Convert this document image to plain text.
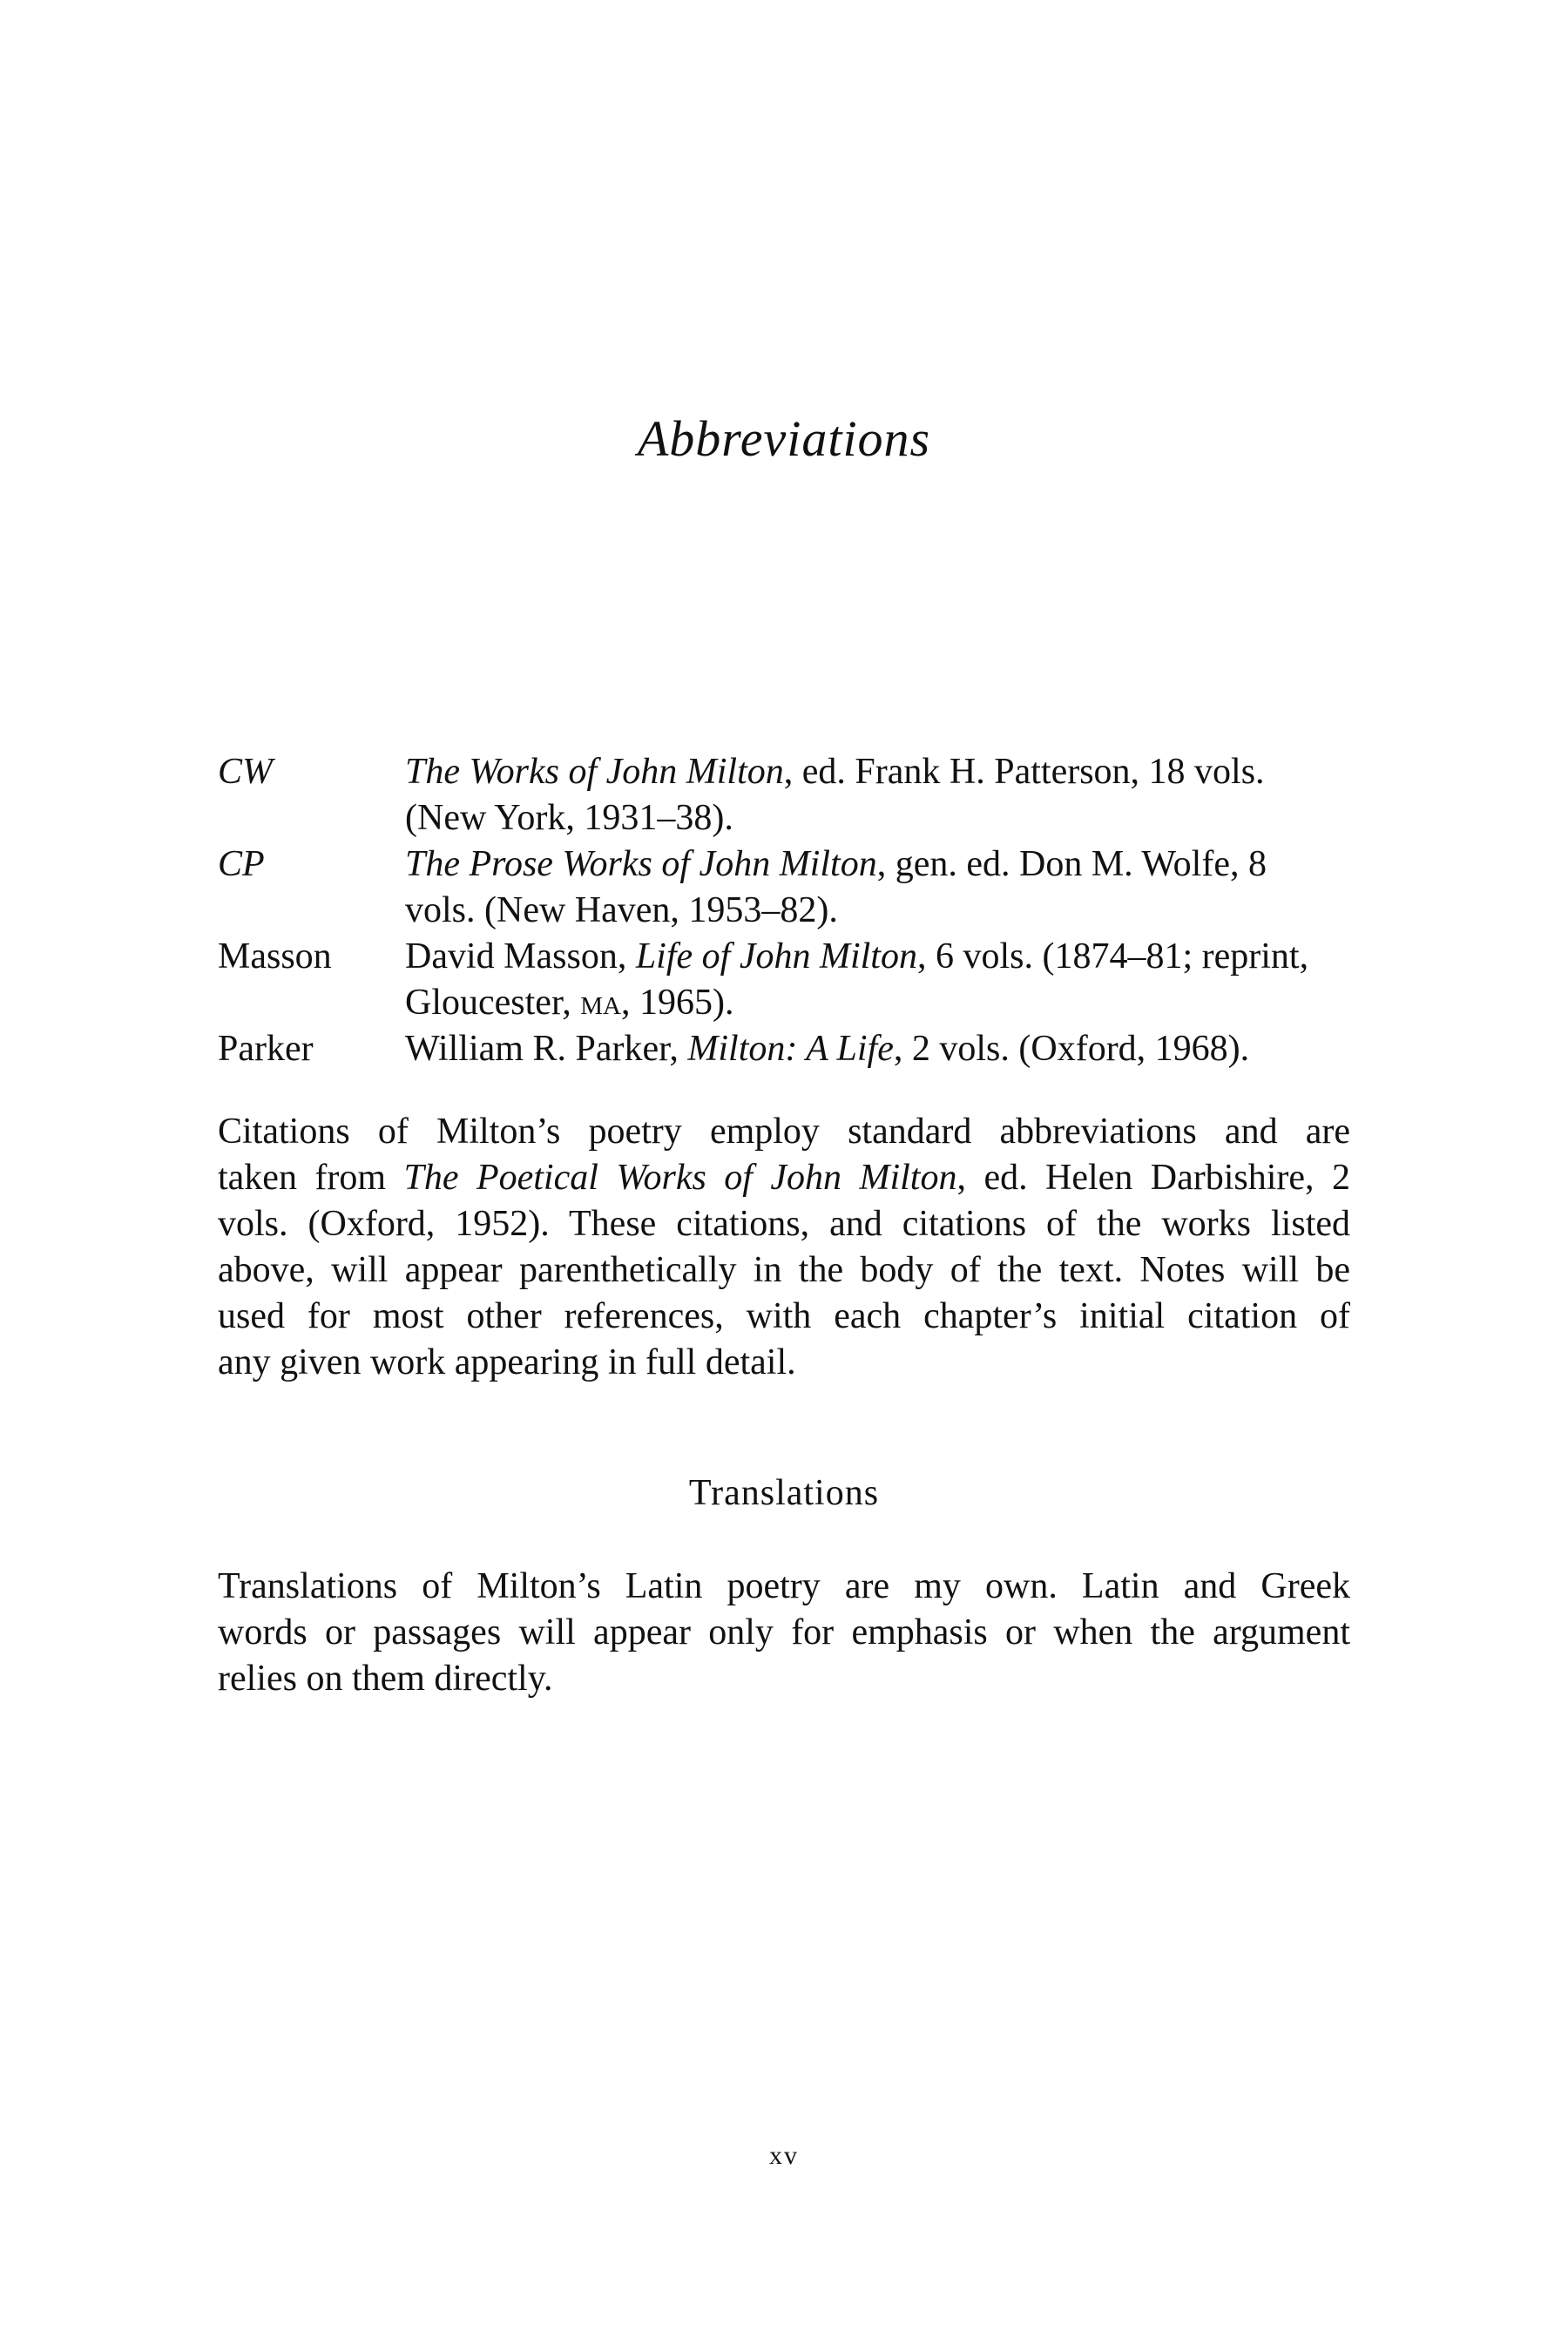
Abbreviations
CW	The Works of John Milton, ed. Frank H. Patterson, 18 vols.
(New York, 1931–38).
CP	The Prose Works of John Milton, gen. ed. Don M. Wolfe, 8
vols. (New Haven, 1953–82).
Masson	David Masson, Life of John Milton, 6 vols. (1874–81; reprint,
Gloucester, ma, 1965).
Parker	William R. Parker, Milton: A Life, 2 vols. (Oxford, 1968).
Citations of Milton’s poetry employ standard abbreviations and are
taken from The Poetical Works of John Milton, ed. Helen Darbishire, 2
vols. (Oxford, 1952). These citations, and citations of the works listed
above, will appear parenthetically in the body of the text. Notes will be
used for most other references, with each chapter’s initial citation of
any given work appearing in full detail.
Translations
Translations of Milton’s Latin poetry are my own. Latin and Greek
words or passages will appear only for emphasis or when the argument
relies on them directly.
xv
